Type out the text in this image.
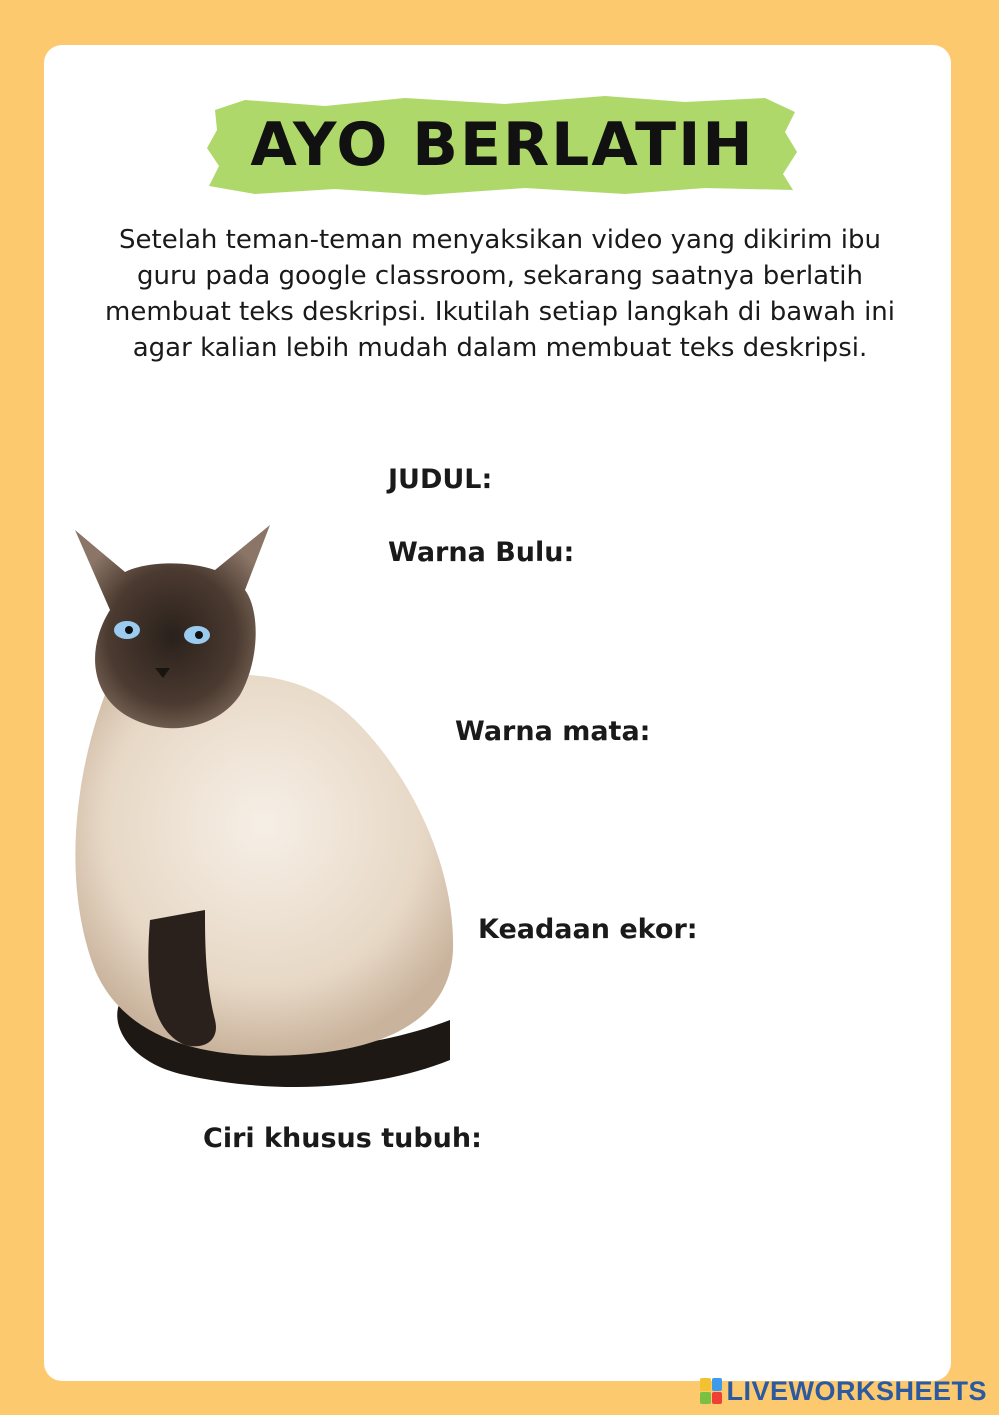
AYO BERLATIH
Setelah teman-teman menyaksikan video yang dikirim ibu guru pada google classroom, sekarang saatnya berlatih membuat teks deskripsi. Ikutilah setiap langkah di bawah ini agar kalian lebih mudah dalam membuat teks deskripsi.
JUDUL:
Warna Bulu:
Warna mata:
Keadaan ekor:
Ciri khusus tubuh:
LIVEWORKSHEETS
